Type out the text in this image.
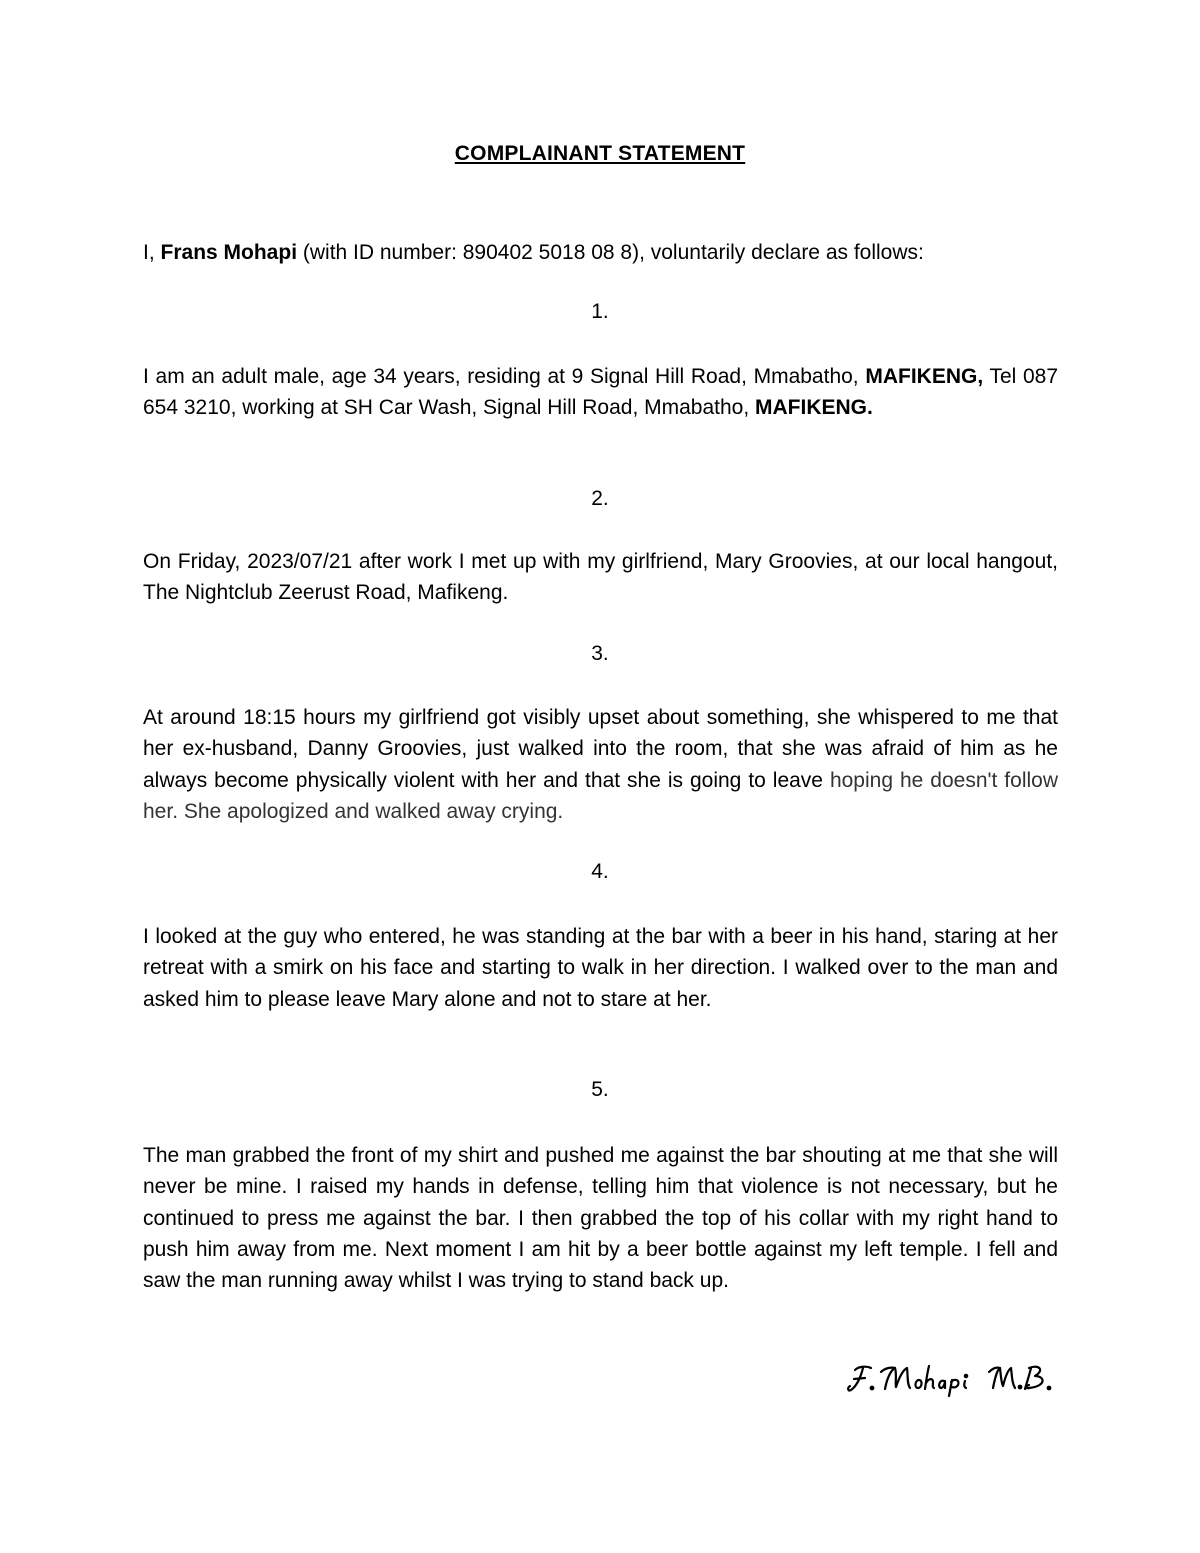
COMPLAINANT STATEMENT
I, Frans Mohapi (with ID number: 890402 5018 08 8), voluntarily declare as follows:
1.
I am an adult male, age 34 years, residing at 9 Signal Hill Road, Mmabatho, MAFIKENG, Tel 087 654 3210, working at SH Car Wash, Signal Hill Road, Mmabatho, MAFIKENG.
2.
On Friday, 2023/07/21 after work I met up with my girlfriend, Mary Groovies, at our local hangout, The Nightclub Zeerust Road, Mafikeng.
3.
At around 18:15 hours my girlfriend got visibly upset about something, she whispered to me that her ex-husband, Danny Groovies, just walked into the room, that she was afraid of him as he always become physically violent with her and that she is going to leave hoping he doesn't follow her. She apologized and walked away crying.
4.
I looked at the guy who entered, he was standing at the bar with a beer in his hand, staring at her retreat with a smirk on his face and starting to walk in her direction. I walked over to the man and asked him to please leave Mary alone and not to stare at her.
5.
The man grabbed the front of my shirt and pushed me against the bar shouting at me that she will never be mine. I raised my hands in defense, telling him that violence is not necessary, but he continued to press me against the bar. I then grabbed the top of his collar with my right hand to push him away from me. Next moment I am hit by a beer bottle against my left temple. I fell and saw the man running away whilst I was trying to stand back up.
